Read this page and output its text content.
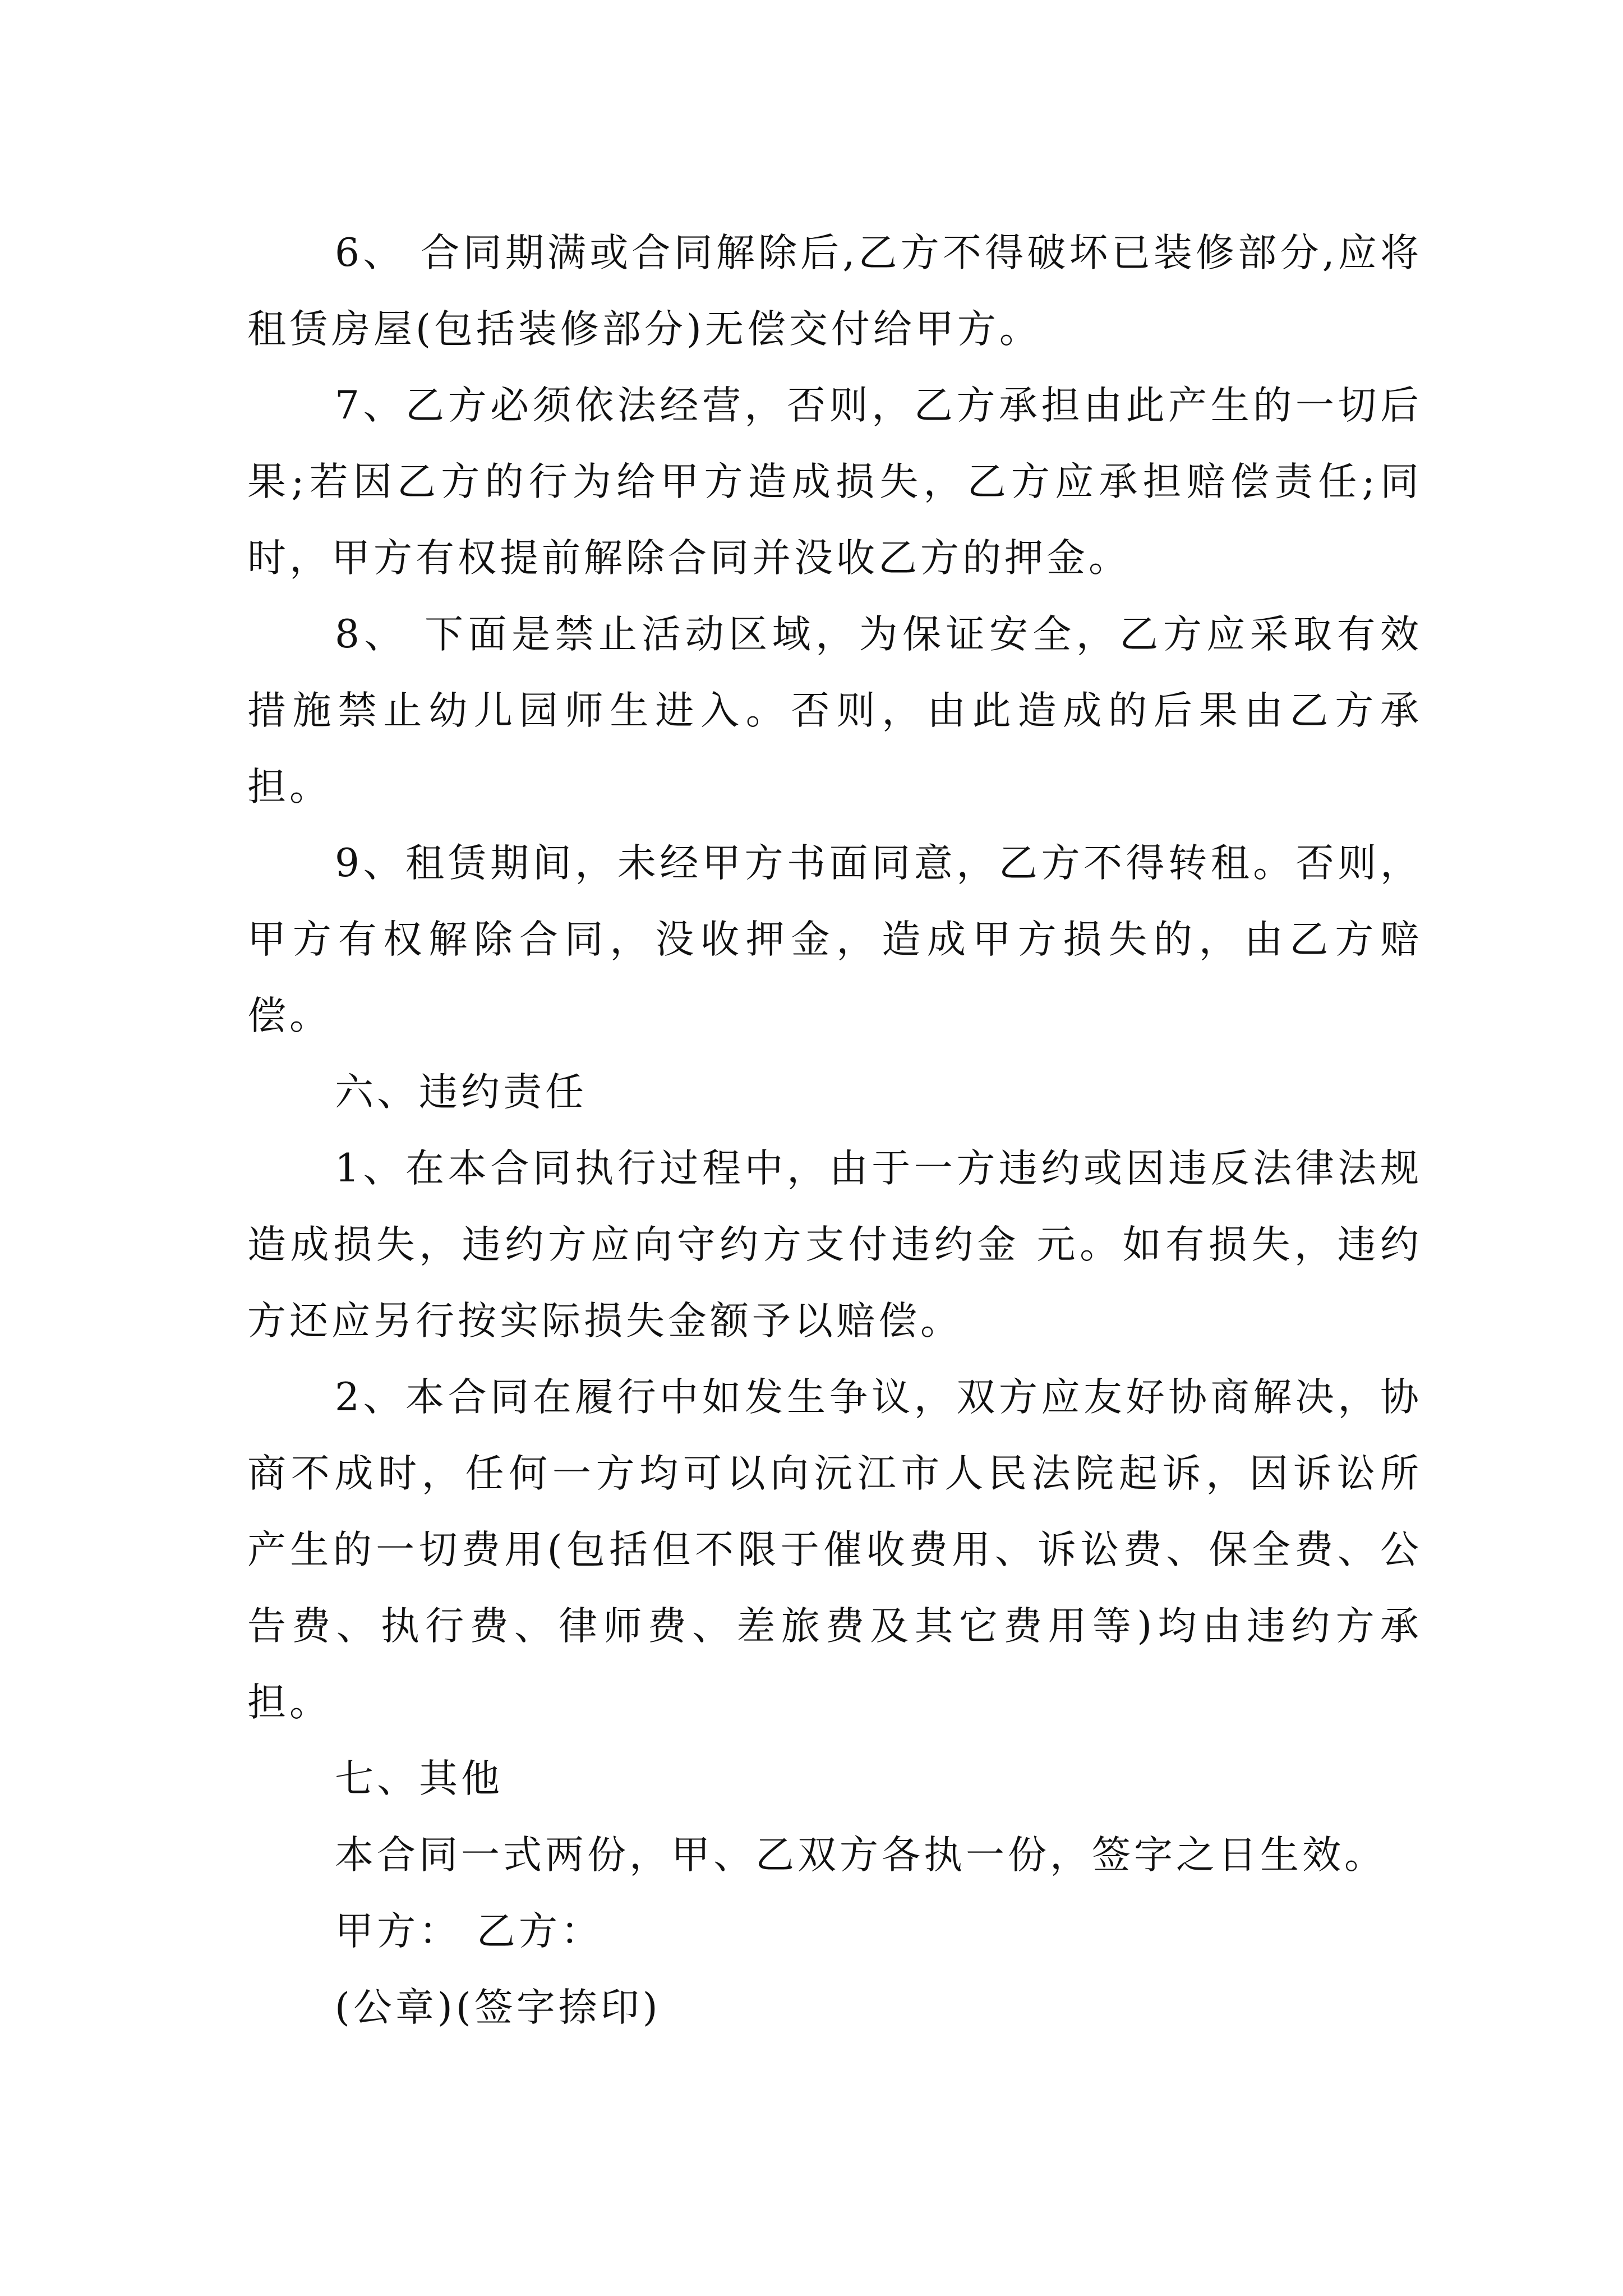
6、 合同期满或合同解除后,乙方不得破坏已装修部分,应将租赁房屋(包括装修部分)无偿交付给甲方。

7、乙方必须依法经营，否则，乙方承担由此产生的一切后果;若因乙方的行为给甲方造成损失，乙方应承担赔偿责任;同时，甲方有权提前解除合同并没收乙方的押金。

8、 下面是禁止活动区域，为保证安全，乙方应采取有效措施禁止幼儿园师生进入。否则，由此造成的后果由乙方承担。

9、租赁期间，未经甲方书面同意，乙方不得转租。否则，甲方有权解除合同，没收押金，造成甲方损失的，由乙方赔偿。

六、违约责任

1、在本合同执行过程中，由于一方违约或因违反法律法规造成损失，违约方应向守约方支付违约金 元。如有损失，违约方还应另行按实际损失金额予以赔偿。

2、本合同在履行中如发生争议，双方应友好协商解决，协商不成时，任何一方均可以向沅江市人民法院起诉，因诉讼所产生的一切费用(包括但不限于催收费用、诉讼费、保全费、公告费、执行费、律师费、差旅费及其它费用等)均由违约方承担。

七、其他

本合同一式两份，甲、乙双方各执一份，签字之日生效。

甲方： 乙方：

(公章)(签字捺印)
